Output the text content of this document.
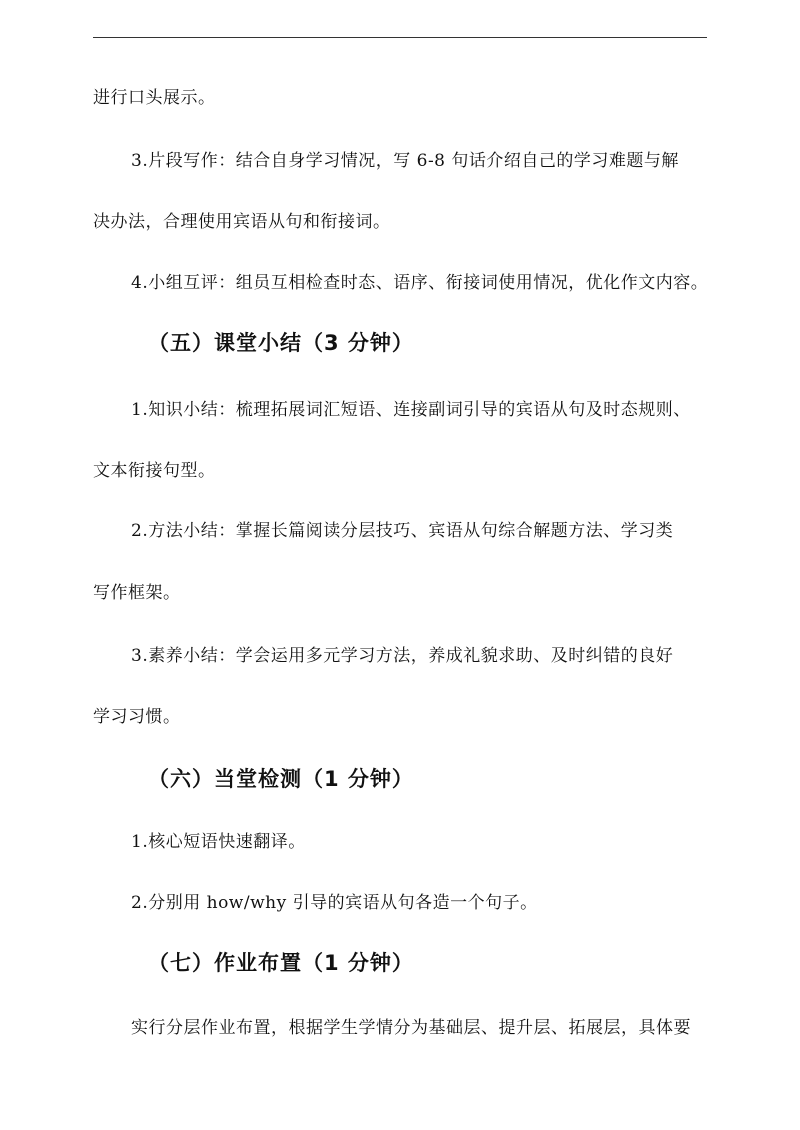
进行口头展示。
3.片段写作：结合自身学习情况，写 6-8 句话介绍自己的学习难题与解
决办法，合理使用宾语从句和衔接词。
4.小组互评：组员互相检查时态、语序、衔接词使用情况，优化作文内容。
（五）课堂小结（3 分钟）
1.知识小结：梳理拓展词汇短语、连接副词引导的宾语从句及时态规则、
文本衔接句型。
2.方法小结：掌握长篇阅读分层技巧、宾语从句综合解题方法、学习类
写作框架。
3.素养小结：学会运用多元学习方法，养成礼貌求助、及时纠错的良好
学习习惯。
（六）当堂检测（1 分钟）
1.核心短语快速翻译。
2.分别用 how/why 引导的宾语从句各造一个句子。
（七）作业布置（1 分钟）
实行分层作业布置，根据学生学情分为基础层、提升层、拓展层，具体要
